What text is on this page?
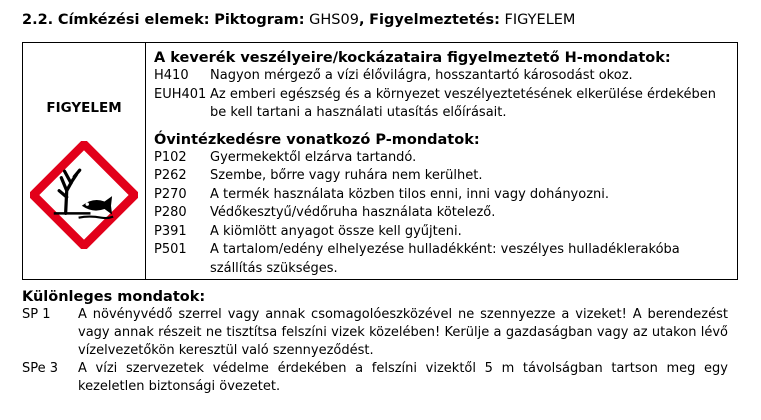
2.2. Címkézési elemek: Piktogram: GHS09, Figyelmeztetés: FIGYELEM
FIGYELEM
A keverék veszélyeire/kockázataira figyelmeztető H-mondatok:
H410	Nagyon mérgező a vízi élővilágra, hosszantartó károsodást okoz.
EUH401 Az emberi egészség és a környezet veszélyeztetésének elkerülése érdekében be kell tartani a használati utasítás előírásait.
Óvintézkedésre vonatkozó P-mondatok:
P102	Gyermekektől elzárva tartandó.
P262	Szembe, bőrre vagy ruhára nem kerülhet.
P270	A termék használata közben tilos enni, inni vagy dohányozni.
P280	Védőkesztyű/védőruha használata kötelező.
P391	A kiömlött anyagot össze kell gyűjteni.
P501	A tartalom/edény elhelyezése hulladékként: veszélyes hulladéklerakóba szállítás szükséges.
Különleges mondatok:
SP 1	A növényvédő szerrel vagy annak csomagolóeszközével ne szennyezze a vizeket! A berendezést vagy annak részeit ne tisztítsa felszíni vizek közelében! Kerülje a gazdaságban vagy az utakon lévő vízelvezetőkön keresztül való szennyeződést.
SPe 3	A vízi szervezetek védelme érdekében a felszíni vizektől 5 m távolságban tartson meg egy kezeletlen biztonsági övezetet.
